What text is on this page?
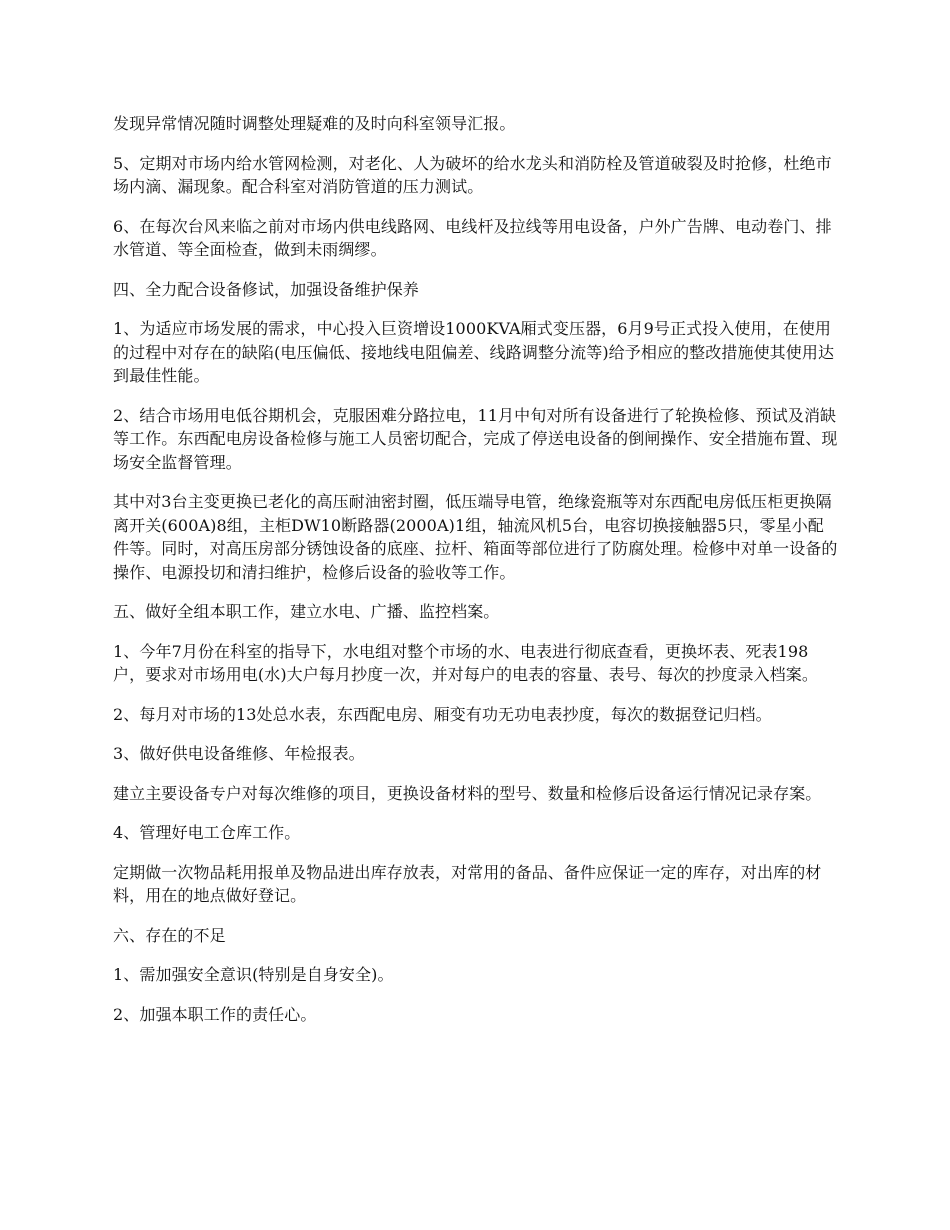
发现异常情况随时调整处理疑难的及时向科室领导汇报。

5、定期对市场内给水管网检测，对老化、人为破坏的给水龙头和消防栓及管道破裂及时抢修，杜绝市场内滴、漏现象。配合科室对消防管道的压力测试。

6、在每次台风来临之前对市场内供电线路网、电线杆及拉线等用电设备，户外广告牌、电动卷门、排水管道、等全面检查，做到未雨绸缪。

四、全力配合设备修试，加强设备维护保养

1、为适应市场发展的需求，中心投入巨资增设1000KVA厢式变压器，6月9号正式投入使用，在使用的过程中对存在的缺陷(电压偏低、接地线电阻偏差、线路调整分流等)给予相应的整改措施使其使用达到最佳性能。

2、结合市场用电低谷期机会，克服困难分路拉电，11月中旬对所有设备进行了轮换检修、预试及消缺等工作。东西配电房设备检修与施工人员密切配合，完成了停送电设备的倒闸操作、安全措施布置、现场安全监督管理。

其中对3台主变更换已老化的高压耐油密封圈，低压端导电管，绝缘瓷瓶等对东西配电房低压柜更换隔离开关(600A)8组，主柜DW10断路器(2000A)1组，轴流风机5台，电容切换接触器5只，零星小配件等。同时，对高压房部分锈蚀设备的底座、拉杆、箱面等部位进行了防腐处理。检修中对单一设备的操作、电源投切和清扫维护，检修后设备的验收等工作。

五、做好全组本职工作，建立水电、广播、监控档案。

1、今年7月份在科室的指导下，水电组对整个市场的水、电表进行彻底查看，更换坏表、死表198户，要求对市场用电(水)大户每月抄度一次，并对每户的电表的容量、表号、每次的抄度录入档案。

2、每月对市场的13处总水表，东西配电房、厢变有功无功电表抄度，每次的数据登记归档。

3、做好供电设备维修、年检报表。

建立主要设备专户对每次维修的项目，更换设备材料的型号、数量和检修后设备运行情况记录存案。

4、管理好电工仓库工作。

定期做一次物品耗用报单及物品进出库存放表，对常用的备品、备件应保证一定的库存，对出库的材料，用在的地点做好登记。

六、存在的不足

1、需加强安全意识(特别是自身安全)。

2、加强本职工作的责任心。
